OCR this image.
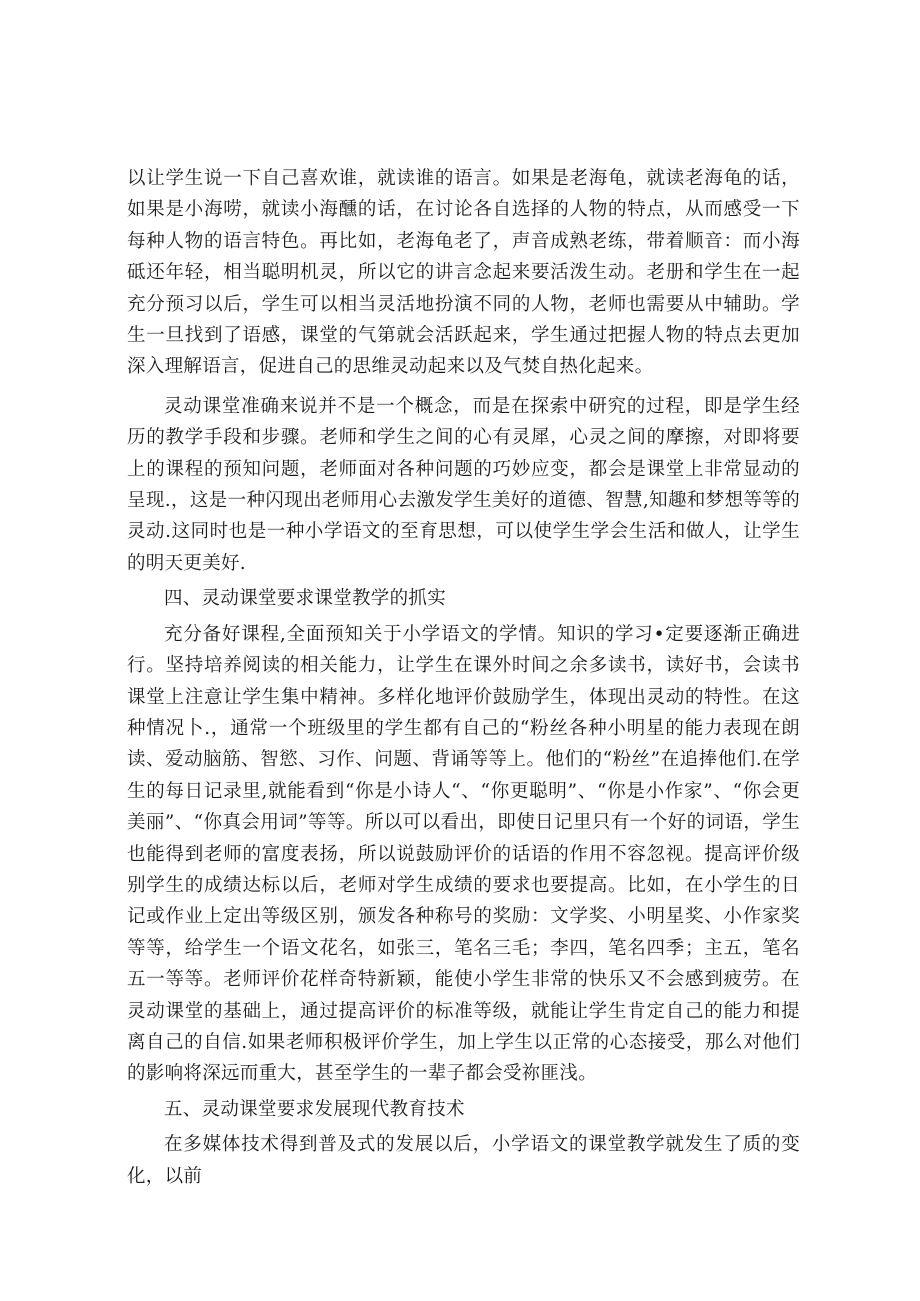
以让学生说一下自己喜欢谁，就读谁的语言。如果是老海龟，就读老海龟的话，如果是小海唠，就读小海醺的话，在讨论各自选择的人物的特点，从而感受一下每种人物的语言特色。再比如，老海龟老了，声音成熟老练，带着顺音：而小海砥还年轻，相当聪明机灵，所以它的讲言念起来要活泼生动。老册和学生在一起充分预习以后，学生可以相当灵活地扮演不同的人物，老师也需要从中辅助。学生一旦找到了语感，课堂的气第就会活跃起来，学生通过把握人物的特点去更加深入理解语言，促进自己的思维灵动起来以及气焚自热化起来。

灵动课堂准确来说并不是一个概念，而是在探索中研究的过程，即是学生经历的教学手段和步骤。老师和学生之间的心有灵犀，心灵之间的摩擦，对即将要上的课程的预知问题，老师面对各种问题的巧妙应变，都会是课堂上非常显动的呈现.，这是一种闪现出老师用心去激发学生美好的道德、智慧,知趣和梦想等等的灵动.这同时也是一种小学语文的至育思想，可以使学生学会生活和做人，让学生的明天更美好.

四、灵动课堂要求课堂教学的抓实

充分备好课程,全面预知关于小学语文的学情。知识的学习•定要逐渐正确进行。坚持培养阅读的相关能力，让学生在课外时间之余多读书，读好书，会读书课堂上注意让学生集中精神。多样化地评价鼓励学生，体现出灵动的特性。在这种情况卜.，通常一个班级里的学生都有自己的“粉丝各种小明星的能力表现在朗读、爱动脑筋、智慾、习作、问题、背诵等等上。他们的“粉丝”在追捧他们.在学生的每日记录里,就能看到“你是小诗人“、“你更聪明”、“你是小作家”、“你会更美丽”、“你真会用词”等等。所以可以看出，即使日记里只有一个好的词语，学生也能得到老师的富度表扬，所以说鼓励评价的话语的作用不容忽视。提高评价级别学生的成绩达标以后，老师对学生成绩的要求也要提高。比如，在小学生的日记或作业上定出等级区别，颁发各种称号的奖励：文学奖、小明星奖、小作家奖等等，给学生一个语文花名，如张三，笔名三毛；李四，笔名四季；主五，笔名五一等等。老师评价花样奇特新颖，能使小学生非常的快乐又不会感到疲劳。在灵动课堂的基础上，通过提高评价的标准等级，就能让学生肯定自己的能力和提离自己的自信.如果老师积极评价学生，加上学生以正常的心态接受，那么对他们的影响将深远而重大，甚至学生的一辈子都会受祢匪浅。

五、灵动课堂要求发展现代教育技术

在多媒体技术得到普及式的发展以后，小学语文的课堂教学就发生了质的变化，以前
